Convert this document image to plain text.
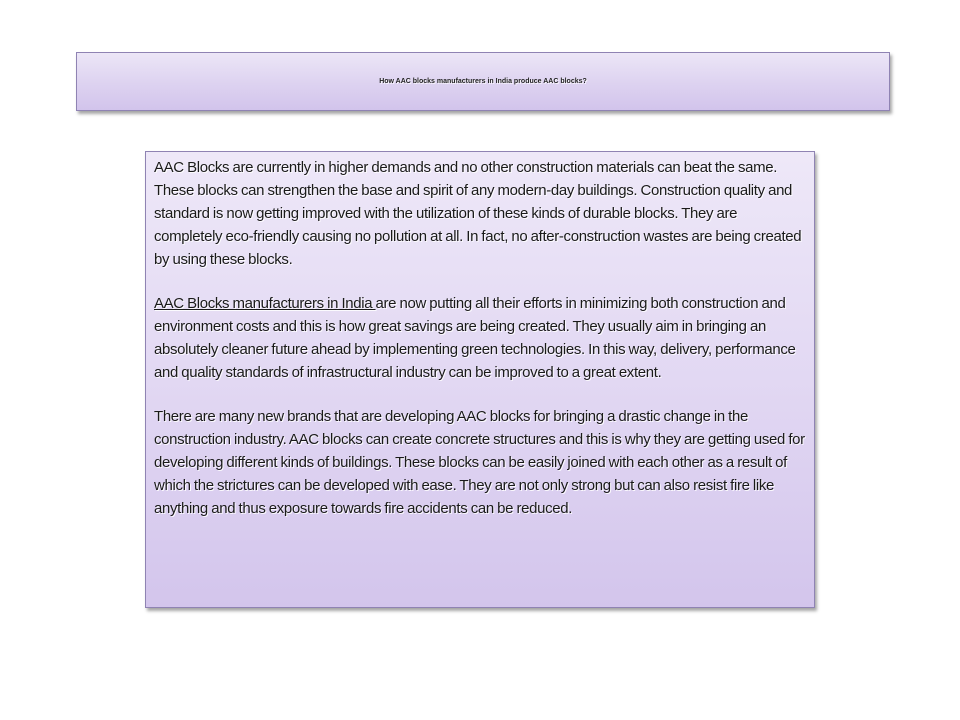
How AAC blocks manufacturers in India produce AAC blocks?

AAC Blocks are currently in higher demands and no other construction materials can beat the same. These blocks can strengthen the base and spirit of any modern-day buildings. Construction quality and standard is now getting improved with the utilization of these kinds of durable blocks. They are completely eco-friendly causing no pollution at all. In fact, no after-construction wastes are being created by using these blocks.

AAC Blocks manufacturers in India are now putting all their efforts in minimizing both construction and environment costs and this is how great savings are being created. They usually aim in bringing an absolutely cleaner future ahead by implementing green technologies. In this way, delivery, performance and quality standards of infrastructural industry can be improved to a great extent.

There are many new brands that are developing AAC blocks for bringing a drastic change in the construction industry. AAC blocks can create concrete structures and this is why they are getting used for developing different kinds of buildings. These blocks can be easily joined with each other as a result of which the strictures can be developed with ease. They are not only strong but can also resist fire like anything and thus exposure towards fire accidents can be reduced.
